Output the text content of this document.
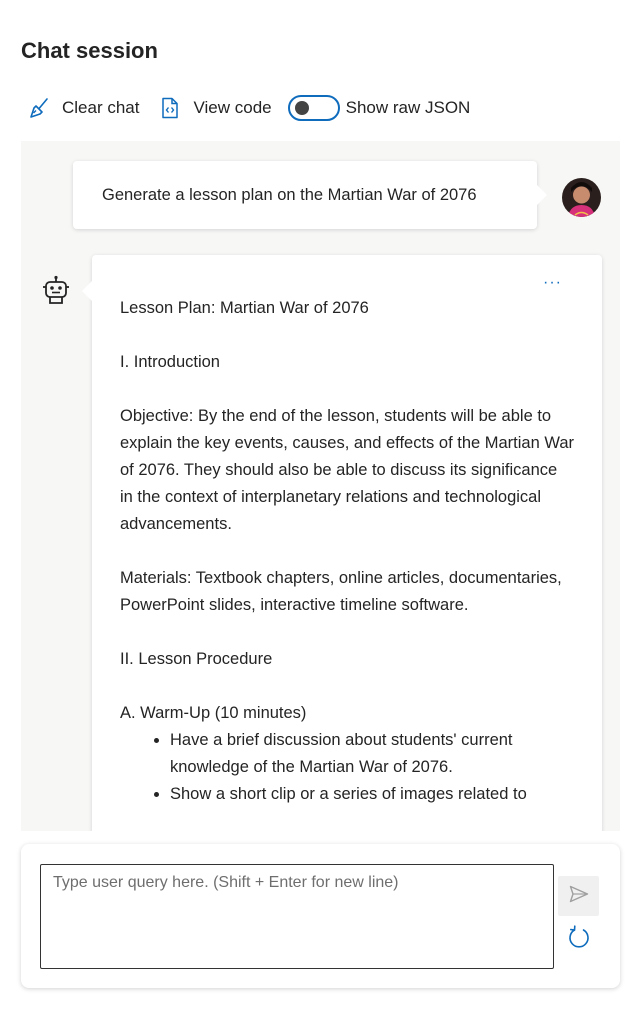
Chat session
Clear chat	View code	Show raw JSON
Generate a lesson plan on the Martian War of 2076
···

Lesson Plan: Martian War of 2076

I. Introduction

Objective: By the end of the lesson, students will be able to explain the key events, causes, and effects of the Martian War of 2076. They should also be able to discuss its significance in the context of interplanetary relations and technological advancements.

Materials: Textbook chapters, online articles, documentaries, PowerPoint slides, interactive timeline software.

II. Lesson Procedure

A. Warm-Up (10 minutes)

• Have a brief discussion about students' current knowledge of the Martian War of 2076.
• Show a short clip or a series of images related to
Type user query here. (Shift + Enter for new line)
